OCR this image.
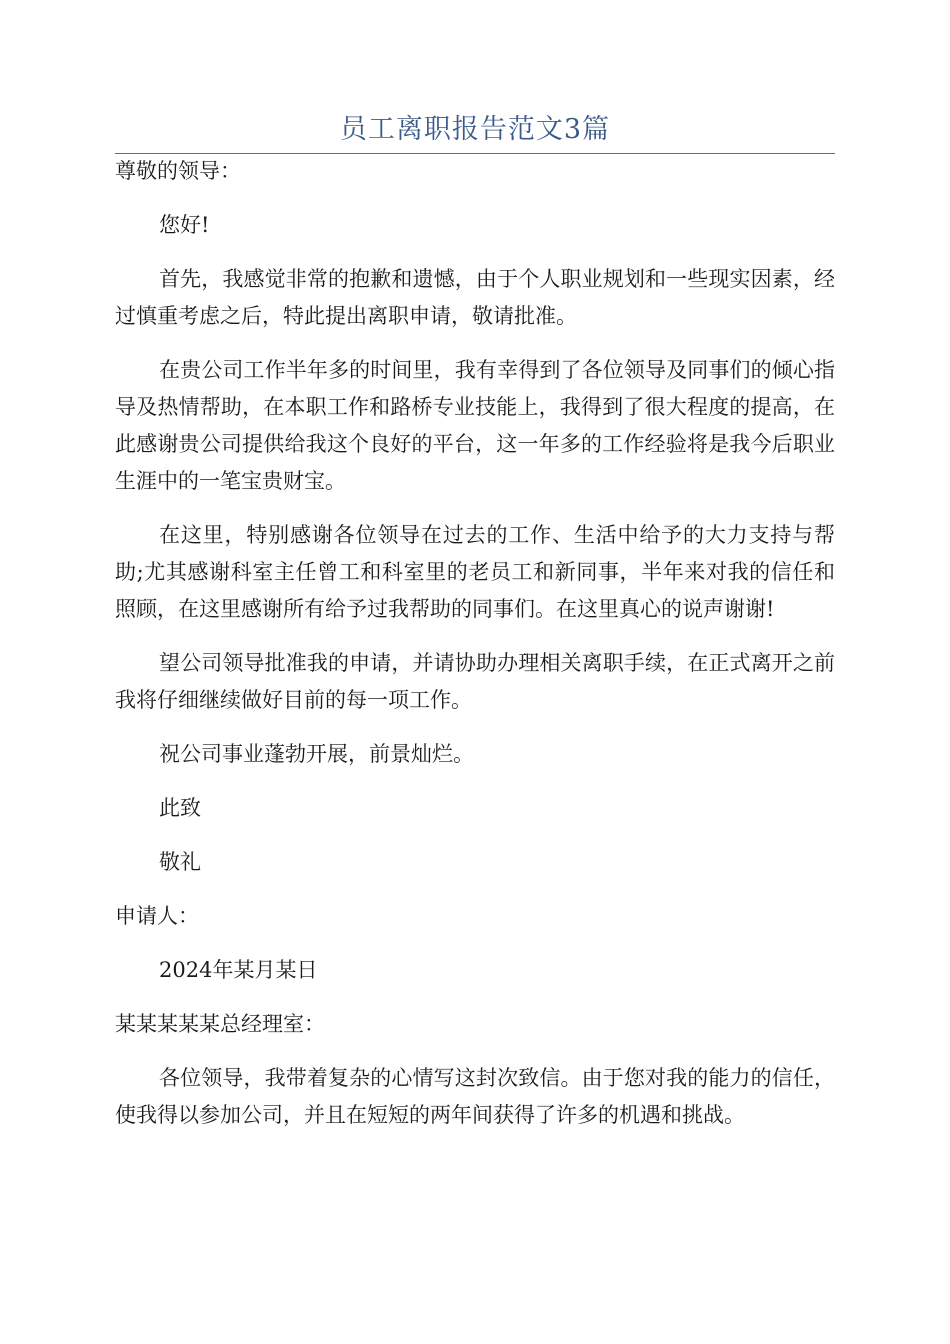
员工离职报告范文3篇

尊敬的领导：

您好!

首先，我感觉非常的抱歉和遗憾，由于个人职业规划和一些现实因素，经过慎重考虑之后，特此提出离职申请，敬请批准。

在贵公司工作半年多的时间里，我有幸得到了各位领导及同事们的倾心指导及热情帮助，在本职工作和路桥专业技能上，我得到了很大程度的提高，在此感谢贵公司提供给我这个良好的平台，这一年多的工作经验将是我今后职业生涯中的一笔宝贵财宝。

在这里，特别感谢各位领导在过去的工作、生活中给予的大力支持与帮助;尤其感谢科室主任曾工和科室里的老员工和新同事，半年来对我的信任和照顾，在这里感谢所有给予过我帮助的同事们。在这里真心的说声谢谢!

望公司领导批准我的申请，并请协助办理相关离职手续，在正式离开之前我将仔细继续做好目前的每一项工作。

祝公司事业蓬勃开展，前景灿烂。

此致

敬礼

申请人：

2024年某月某日

某某某某某总经理室：

各位领导，我带着复杂的心情写这封次致信。由于您对我的能力的信任，使我得以参加公司，并且在短短的两年间获得了许多的机遇和挑战。
